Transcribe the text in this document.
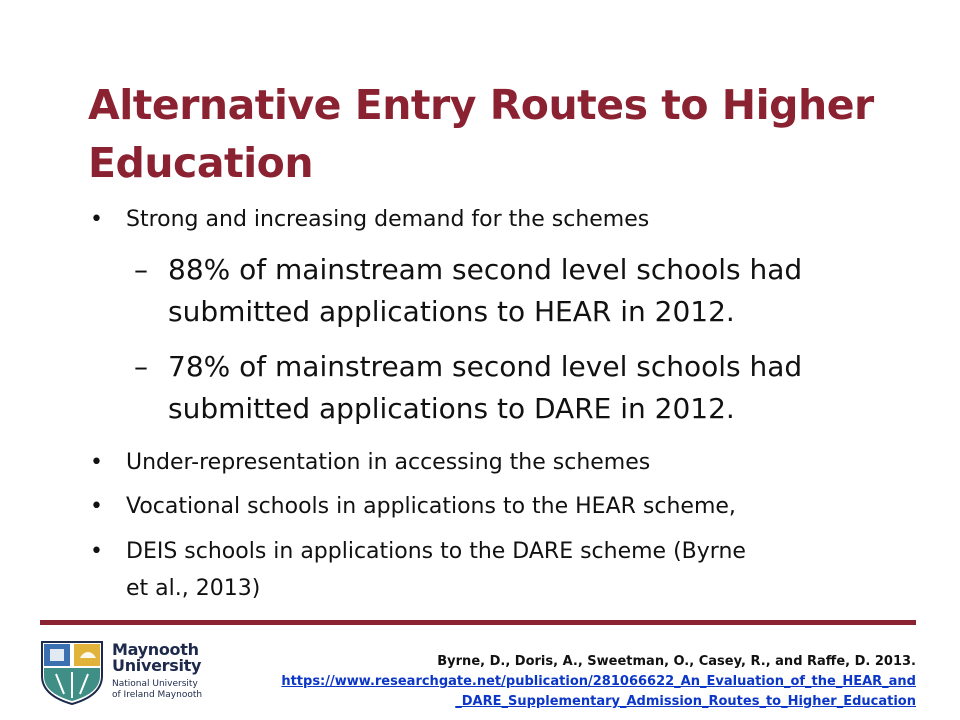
Alternative Entry Routes to Higher
Education
• Strong and increasing demand for the schemes
– 88% of mainstream second level schools had
submitted applications to HEAR in 2012.
– 78% of mainstream second level schools had
submitted applications to DARE in 2012.
• Under-representation in accessing the schemes
• Vocational schools in applications to the HEAR scheme,
• DEIS schools in applications to the DARE scheme (Byrne
et al., 2013)
Maynooth
University
National University
of Ireland Maynooth
Byrne, D., Doris, A., Sweetman, O., Casey, R., and Raffe, D. 2013.
https://www.researchgate.net/publication/281066622_An_Evaluation_of_the_HEAR_and
_DARE_Supplementary_Admission_Routes_to_Higher_Education
